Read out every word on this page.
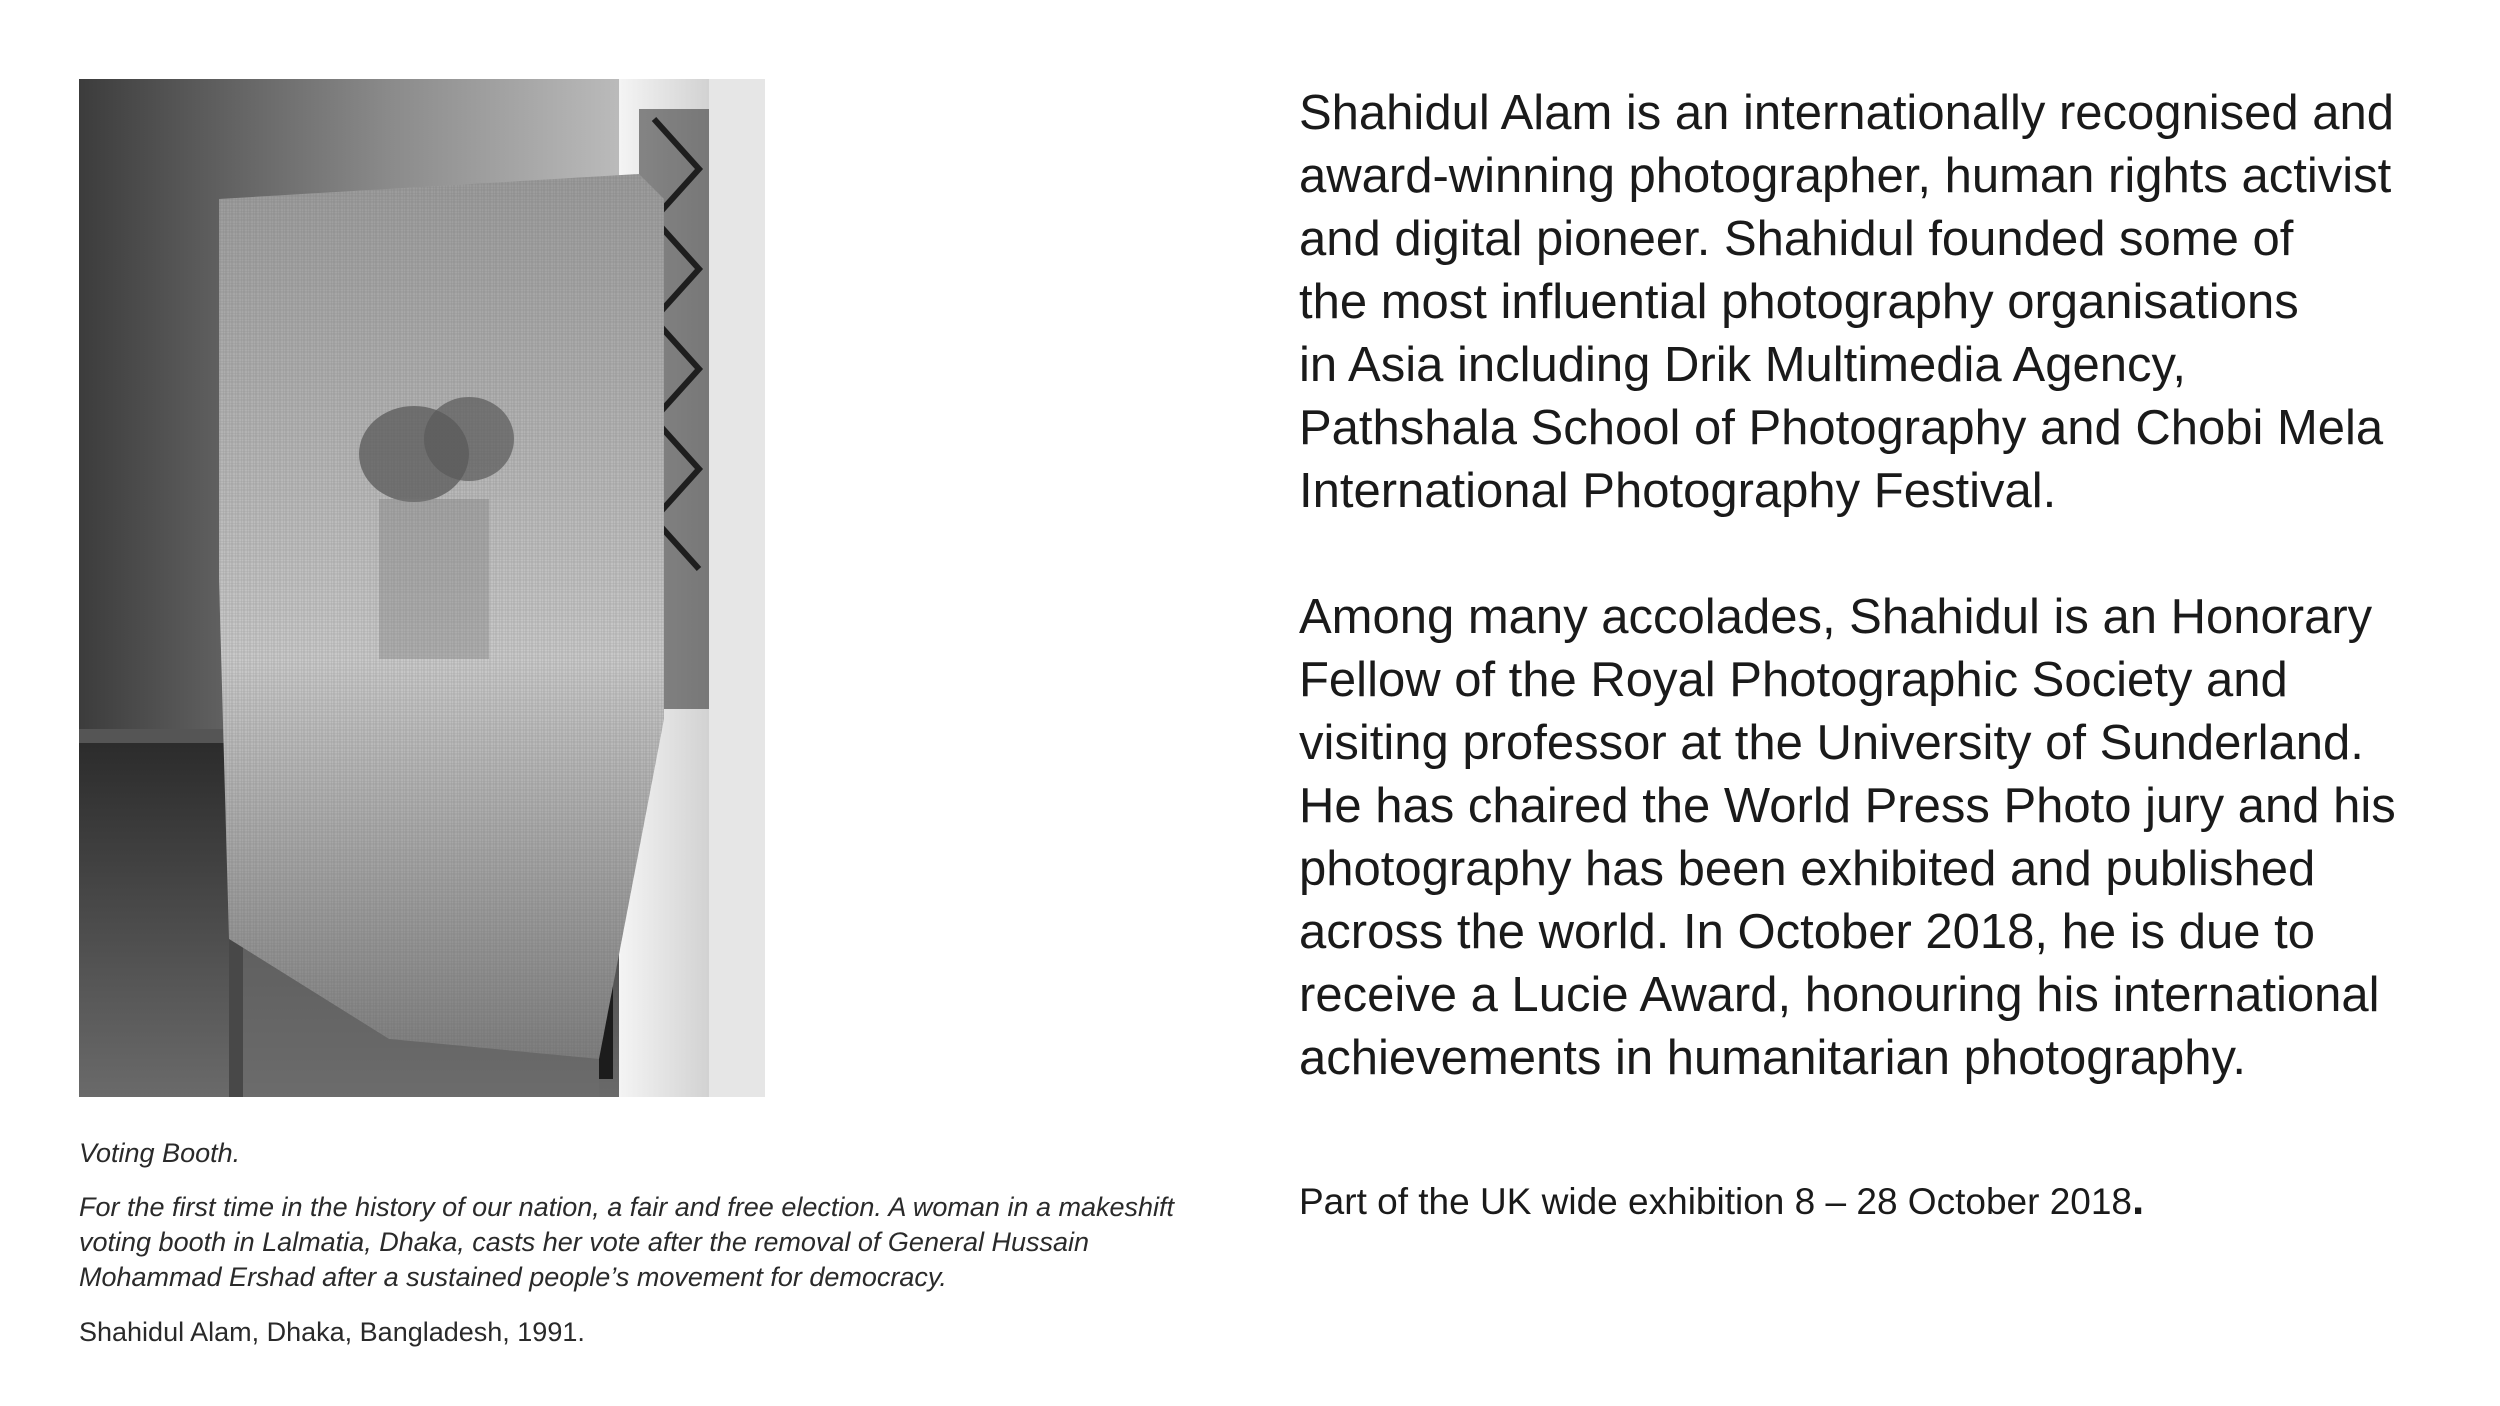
Voting Booth.

For the first time in the history of our nation, a fair and free election. A woman in a makeshift
voting booth in Lalmatia, Dhaka, casts her vote after the removal of General Hussain
Mohammad Ershad after a sustained people’s movement for democracy.

Shahidul Alam, Dhaka, Bangladesh, 1991.

Shahidul Alam is an internationally recognised and
award-winning photographer, human rights activist
and digital pioneer. Shahidul founded some of
the most influential photography organisations
in Asia including Drik Multimedia Agency,
Pathshala School of Photography and Chobi Mela
International Photography Festival.

Among many accolades, Shahidul is an Honorary
Fellow of the Royal Photographic Society and
visiting professor at the University of Sunderland.
He has chaired the World Press Photo jury and his
photography has been exhibited and published
across the world. In October 2018, he is due to
receive a Lucie Award, honouring his international
achievements in humanitarian photography.

Part of the UK wide exhibition 8 – 28 October 2018.
